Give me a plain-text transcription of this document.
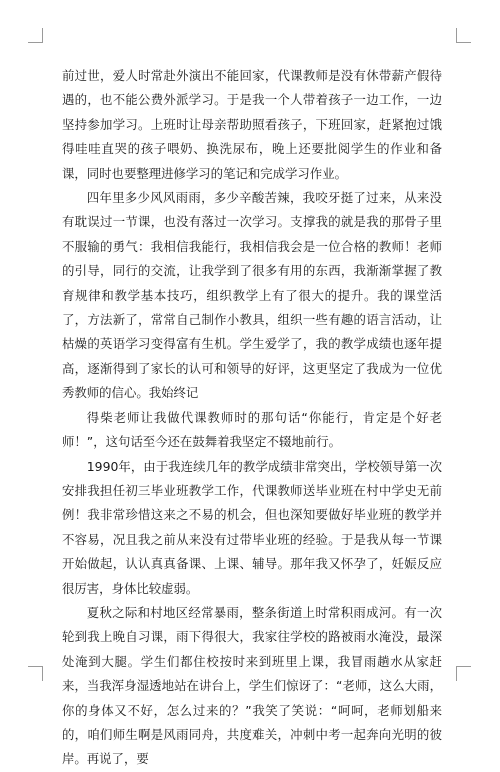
前过世，爱人时常赴外演出不能回家，代课教师是没有休带薪产假待遇的，也不能公费外派学习。于是我一个人带着孩子一边工作，一边坚持参加学习。上班时让母亲帮助照看孩子，下班回家，赶紧抱过饿得哇哇直哭的孩子喂奶、换洗尿布，晚上还要批阅学生的作业和备课，同时也要整理进修学习的笔记和完成学习作业。

四年里多少风风雨雨，多少辛酸苦辣，我咬牙挺了过来，从来没有耽误过一节课，也没有落过一次学习。支撑我的就是我的那骨子里不服输的勇气：我相信我能行，我相信我会是一位合格的教师！老师的引导，同行的交流，让我学到了很多有用的东西，我渐渐掌握了教育规律和教学基本技巧，组织教学上有了很大的提升。我的课堂活了，方法新了，常常自己制作小教具，组织一些有趣的语言活动，让枯燥的英语学习变得富有生机。学生爱学了，我的教学成绩也逐年提高，逐渐得到了家长的认可和领导的好评，这更坚定了我成为一位优秀教师的信心。我始终记

得柴老师让我做代课教师时的那句话“你能行，肯定是个好老师！”，这句话至今还在鼓舞着我坚定不辍地前行。

1990年，由于我连续几年的教学成绩非常突出，学校领导第一次安排我担任初三毕业班教学工作，代课教师送毕业班在村中学史无前例！我非常珍惜这来之不易的机会，但也深知要做好毕业班的教学并不容易，况且我之前从来没有过带毕业班的经验。于是我从每一节课开始做起，认认真真备课、上课、辅导。那年我又怀孕了，妊娠反应很厉害，身体比较虚弱。

夏秋之际和村地区经常暴雨，整条街道上时常积雨成河。有一次轮到我上晚自习课，雨下得很大，我家往学校的路被雨水淹没，最深处淹到大腿。学生们都住校按时来到班里上课，我冒雨趟水从家赶来，当我浑身湿透地站在讲台上，学生们惊讶了：“老师，这么大雨，你的身体又不好，怎么过来的？”我笑了笑说：“呵呵，老师划船来的，咱们师生啊是风雨同舟，共度难关，冲刺中考一起奔向光明的彼岸。再说了，要
